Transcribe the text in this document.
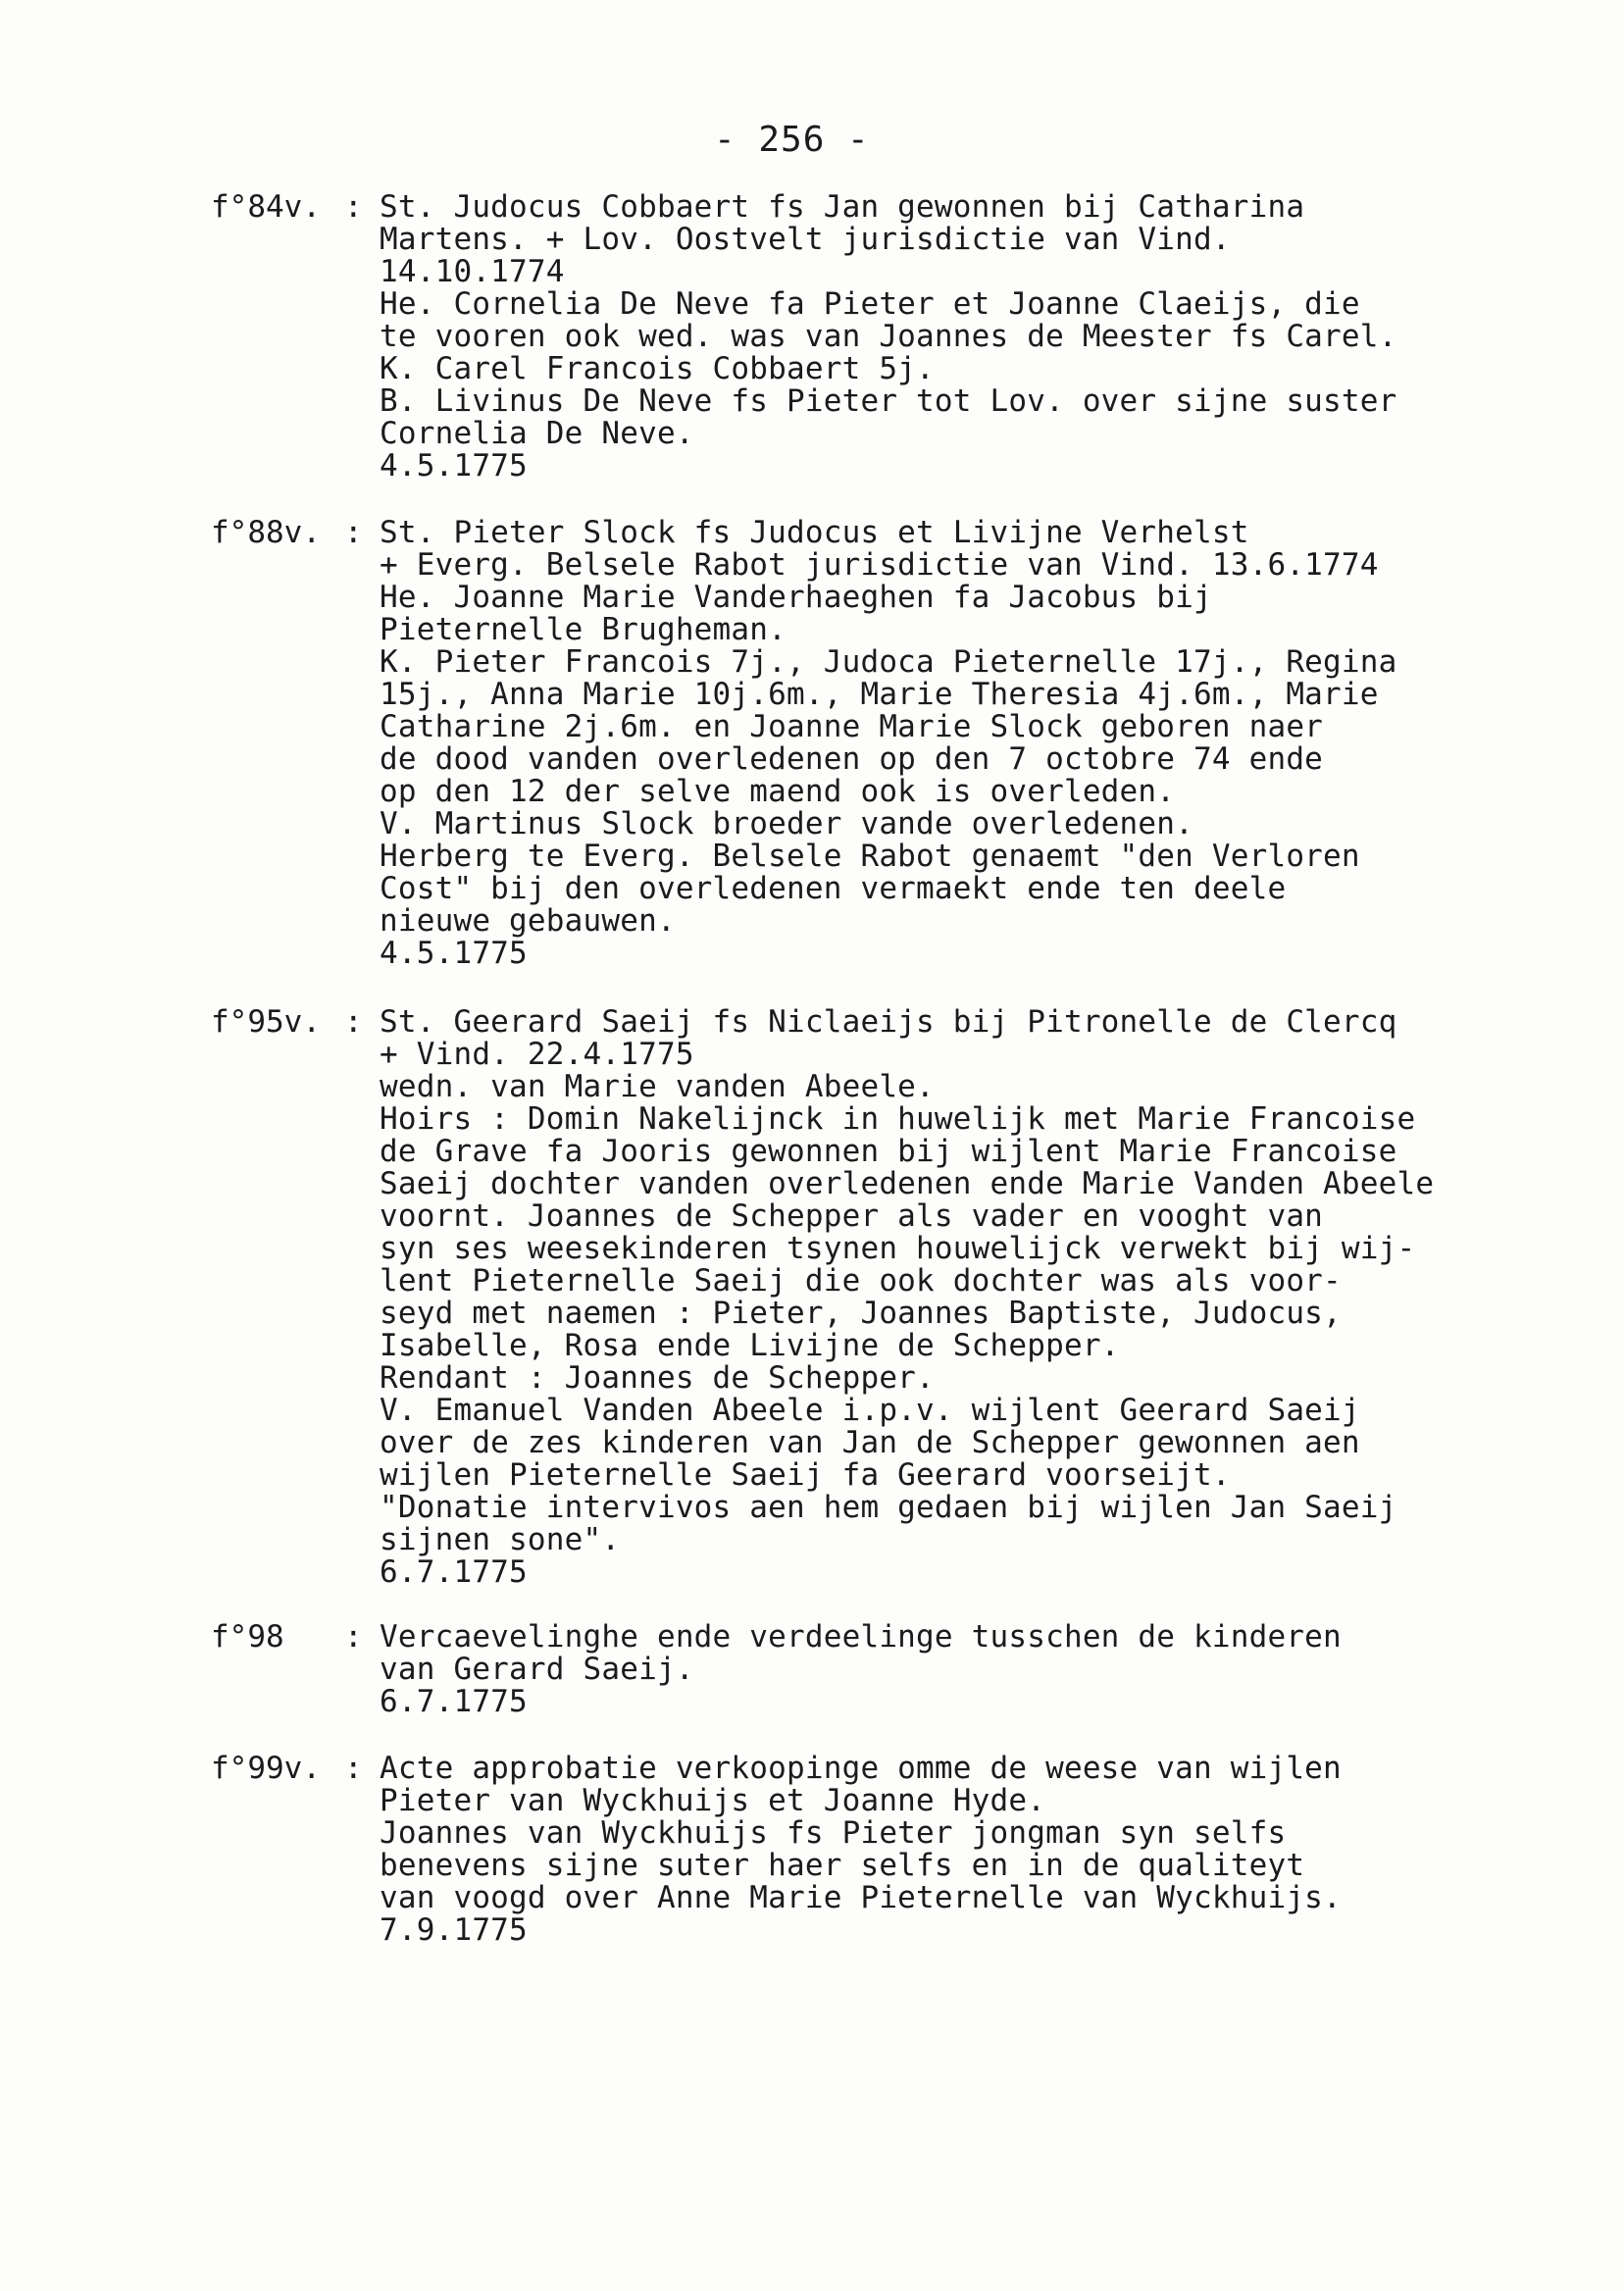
- 256 -
f°84v. : St. Judocus Cobbaert fs Jan gewonnen bij Catharina
Martens. + Lov. Oostvelt jurisdictie van Vind.
14.10.1774
He. Cornelia De Neve fa Pieter et Joanne Claeijs, die
te vooren ook wed. was van Joannes de Meester fs Carel.
K. Carel Francois Cobbaert 5j.
B. Livinus De Neve fs Pieter tot Lov. over sijne suster
Cornelia De Neve.
4.5.1775
f°88v. : St. Pieter Slock fs Judocus et Livijne Verhelst
+ Everg. Belsele Rabot jurisdictie van Vind. 13.6.1774
He. Joanne Marie Vanderhaeghen fa Jacobus bij
Pieternelle Brugheman.
K. Pieter Francois 7j., Judoca Pieternelle 17j., Regina
15j., Anna Marie 10j.6m., Marie Theresia 4j.6m., Marie
Catharine 2j.6m. en Joanne Marie Slock geboren naer
de dood vanden overledenen op den 7 octobre 74 ende
op den 12 der selve maend ook is overleden.
V. Martinus Slock broeder vande overledenen.
Herberg te Everg. Belsele Rabot genaemt "den Verloren
Cost" bij den overledenen vermaekt ende ten deele
nieuwe gebauwen.
4.5.1775
f°95v. : St. Geerard Saeij fs Niclaeijs bij Pitronelle de Clercq
+ Vind. 22.4.1775
wedn. van Marie vanden Abeele.
Hoirs : Domin Nakelijnck in huwelijk met Marie Francoise
de Grave fa Jooris gewonnen bij wijlent Marie Francoise
Saeij dochter vanden overledenen ende Marie Vanden Abeele
voornt. Joannes de Schepper als vader en vooght van
syn ses weesekinderen tsynen houwelijck verwekt bij wij-
lent Pieternelle Saeij die ook dochter was als voor-
seyd met naemen : Pieter, Joannes Baptiste, Judocus,
Isabelle, Rosa ende Livijne de Schepper.
Rendant : Joannes de Schepper.
V. Emanuel Vanden Abeele i.p.v. wijlent Geerard Saeij
over de zes kinderen van Jan de Schepper gewonnen aen
wijlen Pieternelle Saeij fa Geerard voorseijt.
"Donatie intervivos aen hem gedaen bij wijlen Jan Saeij
sijnen sone".
6.7.1775
f°98 : Vercaevelinghe ende verdeelinge tusschen de kinderen
van Gerard Saeij.
6.7.1775
f°99v. : Acte approbatie verkoopinge omme de weese van wijlen
Pieter van Wyckhuijs et Joanne Hyde.
Joannes van Wyckhuijs fs Pieter jongman syn selfs
benevens sijne suter haer selfs en in de qualiteyt
van voogd over Anne Marie Pieternelle van Wyckhuijs.
7.9.1775
